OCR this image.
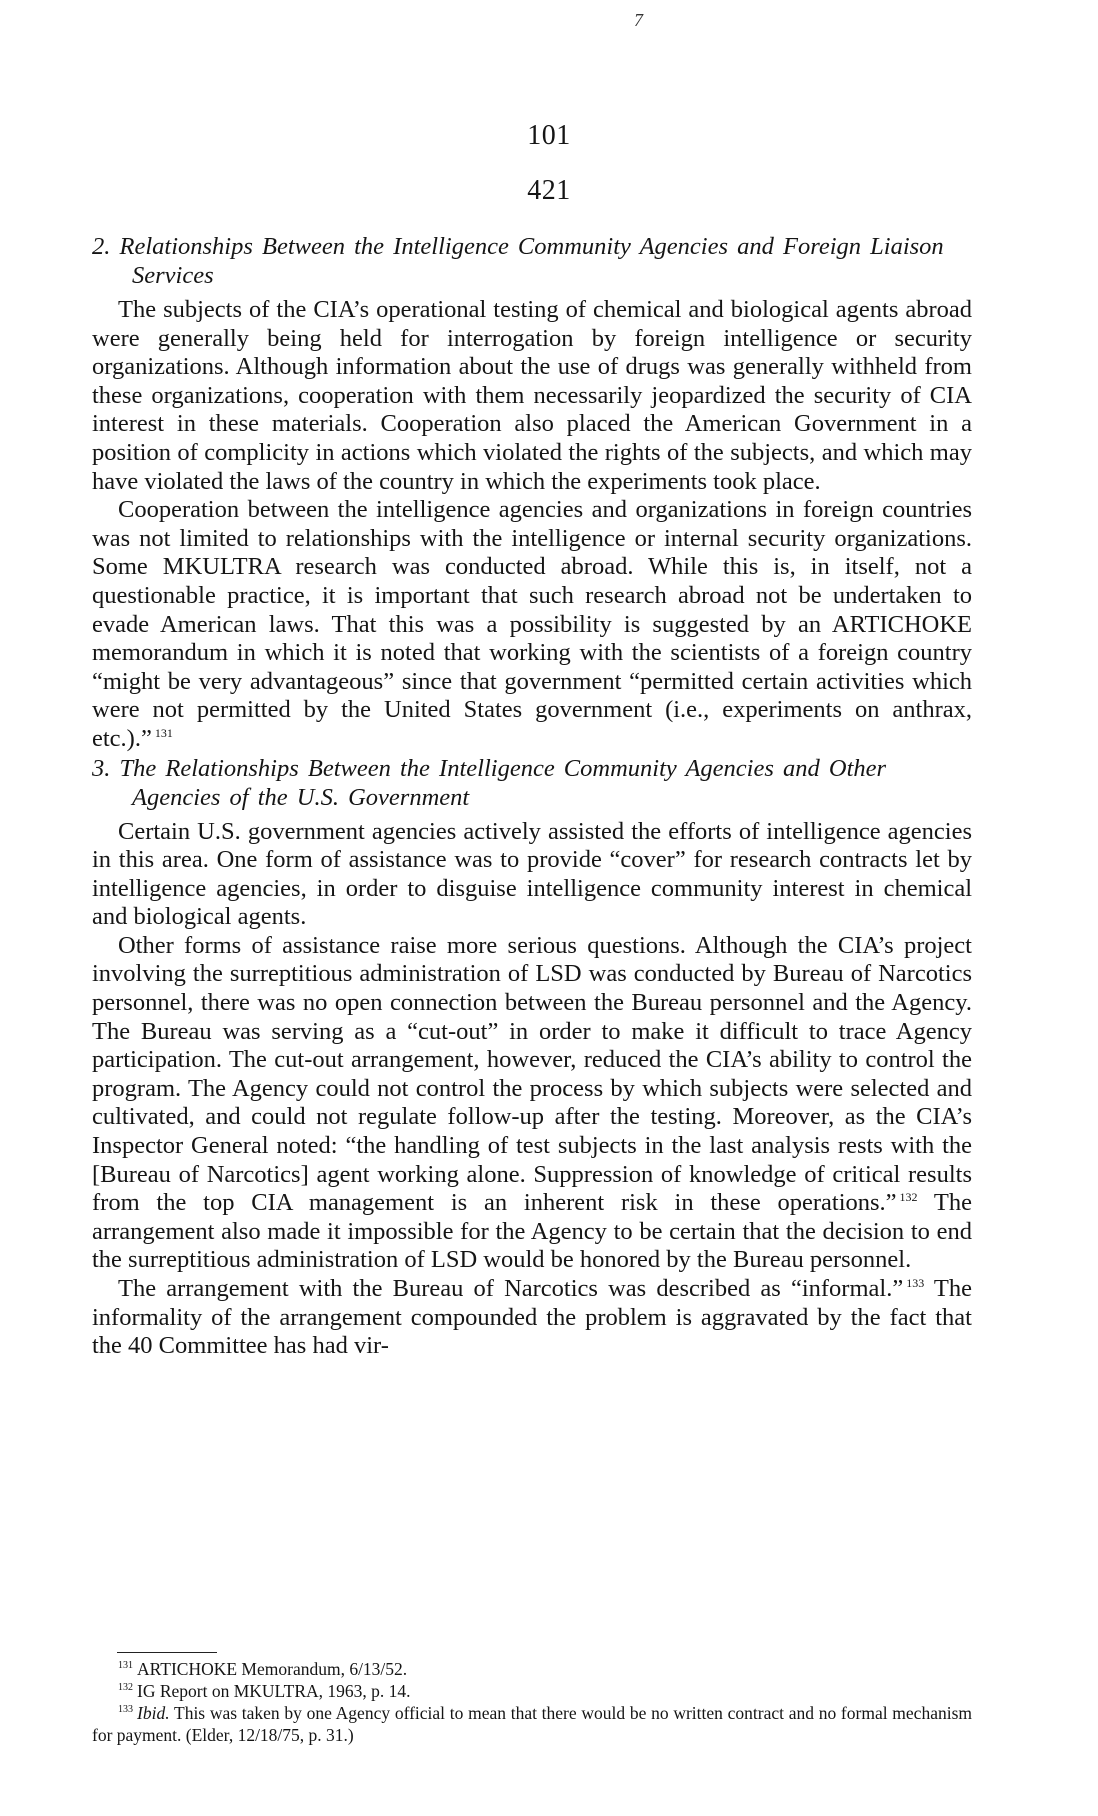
7
101
421
2. Relationships Between the Intelligence Community Agencies and Foreign Liaison Services

The subjects of the CIA’s operational testing of chemical and biological agents abroad were generally being held for interrogation by foreign intelligence or security organizations. Although information about the use of drugs was generally withheld from these organizations, cooperation with them necessarily jeopardized the security of CIA interest in these materials. Cooperation also placed the American Government in a position of complicity in actions which violated the rights of the subjects, and which may have violated the laws of the country in which the experiments took place.

Cooperation between the intelligence agencies and organizations in foreign countries was not limited to relationships with the intelligence or internal security organizations. Some MKULTRA research was conducted abroad. While this is, in itself, not a questionable practice, it is important that such research abroad not be undertaken to evade American laws. That this was a possibility is suggested by an ARTICHOKE memorandum in which it is noted that working with the scientists of a foreign country “might be very advantageous” since that government “permitted certain activities which were not permitted by the United States government (i.e., experiments on anthrax, etc.).” $^{131}$

3. The Relationships Between the Intelligence Community Agencies and Other Agencies of the U.S. Government

Certain U.S. government agencies actively assisted the efforts of intelligence agencies in this area. One form of assistance was to provide “cover” for research contracts let by intelligence agencies, in order to disguise intelligence community interest in chemical and biological agents.

Other forms of assistance raise more serious questions. Although the CIA’s project involving the surreptitious administration of LSD was conducted by Bureau of Narcotics personnel, there was no open connection between the Bureau personnel and the Agency. The Bureau was serving as a “cut-out” in order to make it difficult to trace Agency participation. The cut-out arrangement, however, reduced the CIA’s ability to control the program. The Agency could not control the process by which subjects were selected and cultivated, and could not regulate follow-up after the testing. Moreover, as the CIA’s Inspector General noted: “the handling of test subjects in the last analysis rests with the [Bureau of Narcotics] agent working alone. Suppression of knowledge of critical results from the top CIA management is an inherent risk in these operations.” $^{132}$ The arrangement also made it impossible for the Agency to be certain that the decision to end the surreptitious administration of LSD would be honored by the Bureau personnel.

The arrangement with the Bureau of Narcotics was described as “informal.” $^{133}$ The informality of the arrangement compounded the problem is aggravated by the fact that the 40 Committee has had vir-

$^{131}$ ARTICHOKE Memorandum, 6/13/52.

$^{132}$ IG Report on MKULTRA, 1963, p. 14.

$^{133}$ Ibid. This was taken by one Agency official to mean that there would be no written contract and no formal mechanism for payment. (Elder, 12/18/75, p. 31.)
